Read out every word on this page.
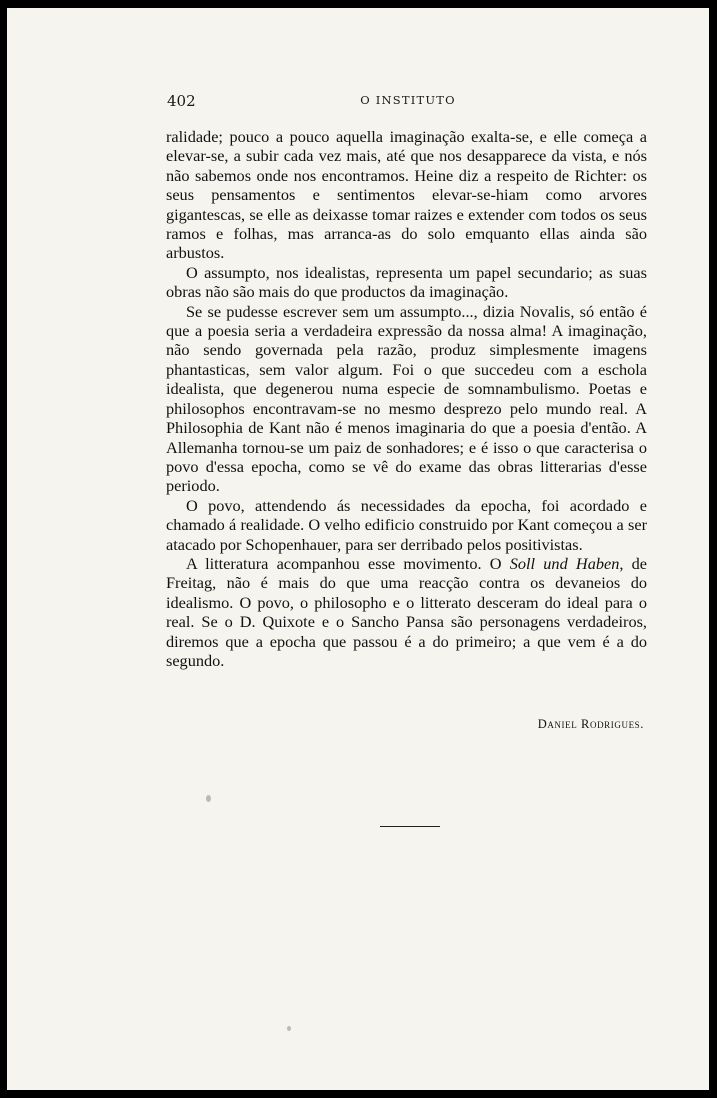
402	O INSTITUTO

ralidade; pouco a pouco aquella imaginação exalta-se, e elle começa a elevar-se, a subir cada vez mais, até que nos desapparece da vista, e nós não sabemos onde nos encontramos. Heine diz a respeito de Richter: os seus pensamentos e sentimentos elevar-se-hiam como arvores gigantescas, se elle as deixasse tomar raizes e extender com todos os seus ramos e folhas, mas arranca-as do solo emquanto ellas ainda são arbustos.

O assumpto, nos idealistas, representa um papel secundario; as suas obras não são mais do que productos da imaginação.

Se se pudesse escrever sem um assumpto..., dizia Novalis, só então é que a poesia seria a verdadeira expressão da nossa alma! A imaginação, não sendo governada pela razão, produz simplesmente imagens phantasticas, sem valor algum. Foi o que succedeu com a eschola idealista, que degenerou numa especie de somnambulismo. Poetas e philosophos encontravam-se no mesmo desprezo pelo mundo real. A Philosophia de Kant não é menos imaginaria do que a poesia d'então. A Allemanha tornou-se um paiz de sonhadores; e é isso o que caracterisa o povo d'essa epocha, como se vê do exame das obras litterarias d'esse periodo.

O povo, attendendo ás necessidades da epocha, foi acordado e chamado á realidade. O velho edificio construido por Kant começou a ser atacado por Schopenhauer, para ser derribado pelos positivistas.

A litteratura acompanhou esse movimento. O Soll und Haben, de Freitag, não é mais do que uma reacção contra os devaneios do idealismo. O povo, o philosopho e o litterato desceram do ideal para o real. Se o D. Quixote e o Sancho Pansa são personagens verdadeiros, diremos que a epocha que passou é a do primeiro; a que vem é a do segundo.

Daniel Rodrigues.
